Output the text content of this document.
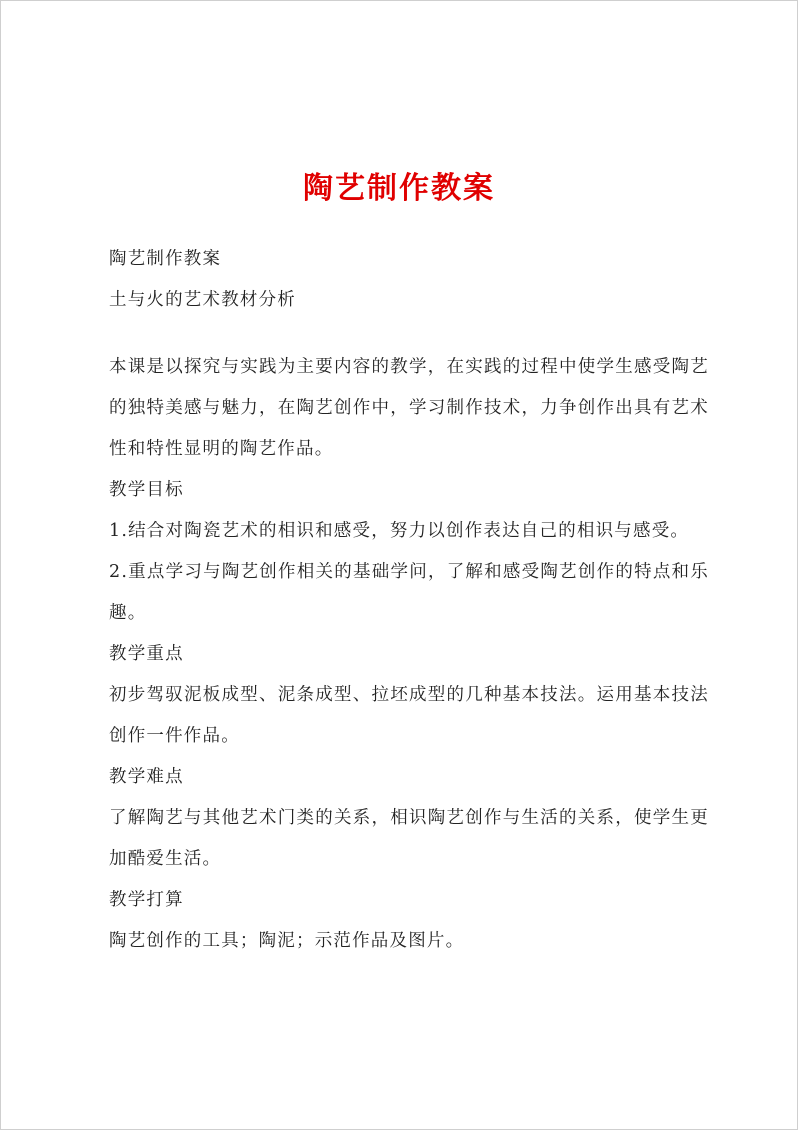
陶艺制作教案

陶艺制作教案

土与火的艺术教材分析

本课是以探究与实践为主要内容的教学，在实践的过程中使学生感受陶艺的独特美感与魅力，在陶艺创作中，学习制作技术，力争创作出具有艺术性和特性显明的陶艺作品。

教学目标

1.结合对陶瓷艺术的相识和感受，努力以创作表达自己的相识与感受。

2.重点学习与陶艺创作相关的基础学问，了解和感受陶艺创作的特点和乐趣。

教学重点

初步驾驭泥板成型、泥条成型、拉坯成型的几种基本技法。运用基本技法创作一件作品。

教学难点

了解陶艺与其他艺术门类的关系，相识陶艺创作与生活的关系，使学生更加酷爱生活。

教学打算

陶艺创作的工具；陶泥；示范作品及图片。
